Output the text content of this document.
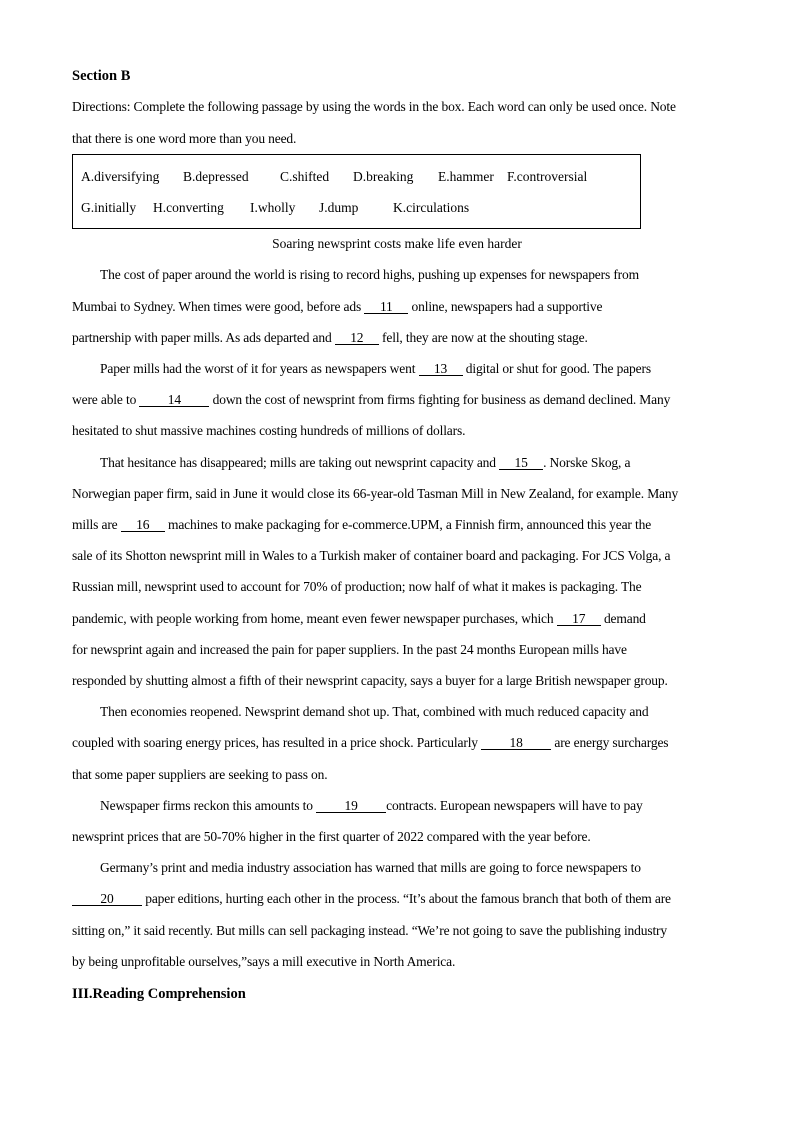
Section B
Directions: Complete the following passage by using the words in the box. Each word can only be used once. Note
that there is one word more than you need.
A.diversifying B.depressed C.shifted D.breaking E.hammer F.controversial
G.initially H.converting I.wholly J.dump	K.circulations
Soaring newsprint costs make life even harder
The cost of paper around the world is rising to record highs, pushing up expenses for newspapers from
Mumbai to Sydney. When times were good, before ads 11 online, newspapers had a supportive
partnership with paper mills. As ads departed and 12 fell, they are now at the shouting stage.
Paper mills had the worst of it for years as newspapers went 13 digital or shut for good. The papers
were able to 14 down the cost of newsprint from firms fighting for business as demand declined. Many
hesitated to shut massive machines costing hundreds of millions of dollars.
That hesitance has disappeared; mills are taking out newsprint capacity and 15 . Norske Skog, a
Norwegian paper firm, said in June it would close its 66-year-old Tasman Mill in New Zealand, for example. Many
mills are 16 machines to make packaging for e-commerce.UPM, a Finnish firm, announced this year the
sale of its Shotton newsprint mill in Wales to a Turkish maker of container board and packaging. For JCS Volga, a
Russian mill, newsprint used to account for 70% of production; now half of what it makes is packaging. The
pandemic, with people working from home, meant even fewer newspaper purchases, which 17 demand
for newsprint again and increased the pain for paper suppliers. In the past 24 months European mills have
responded by shutting almost a fifth of their newsprint capacity, says a buyer for a large British newspaper group.
Then economies reopened. Newsprint demand shot up. That, combined with much reduced capacity and
coupled with soaring energy prices, has resulted in a price shock. Particularly 18 are energy surcharges
that some paper suppliers are seeking to pass on.
Newspaper firms reckon this amounts to 19 contracts. European newspapers will have to pay
newsprint prices that are 50-70% higher in the first quarter of 2022 compared with the year before.
Germany’s print and media industry association has warned that mills are going to force newspapers to
20 paper editions, hurting each other in the process. “It’s about the famous branch that both of them are
sitting on,” it said recently. But mills can sell packaging instead. “We’re not going to save the publishing industry
by being unprofitable ourselves,”says a mill executive in North America.
III.Reading Comprehension
